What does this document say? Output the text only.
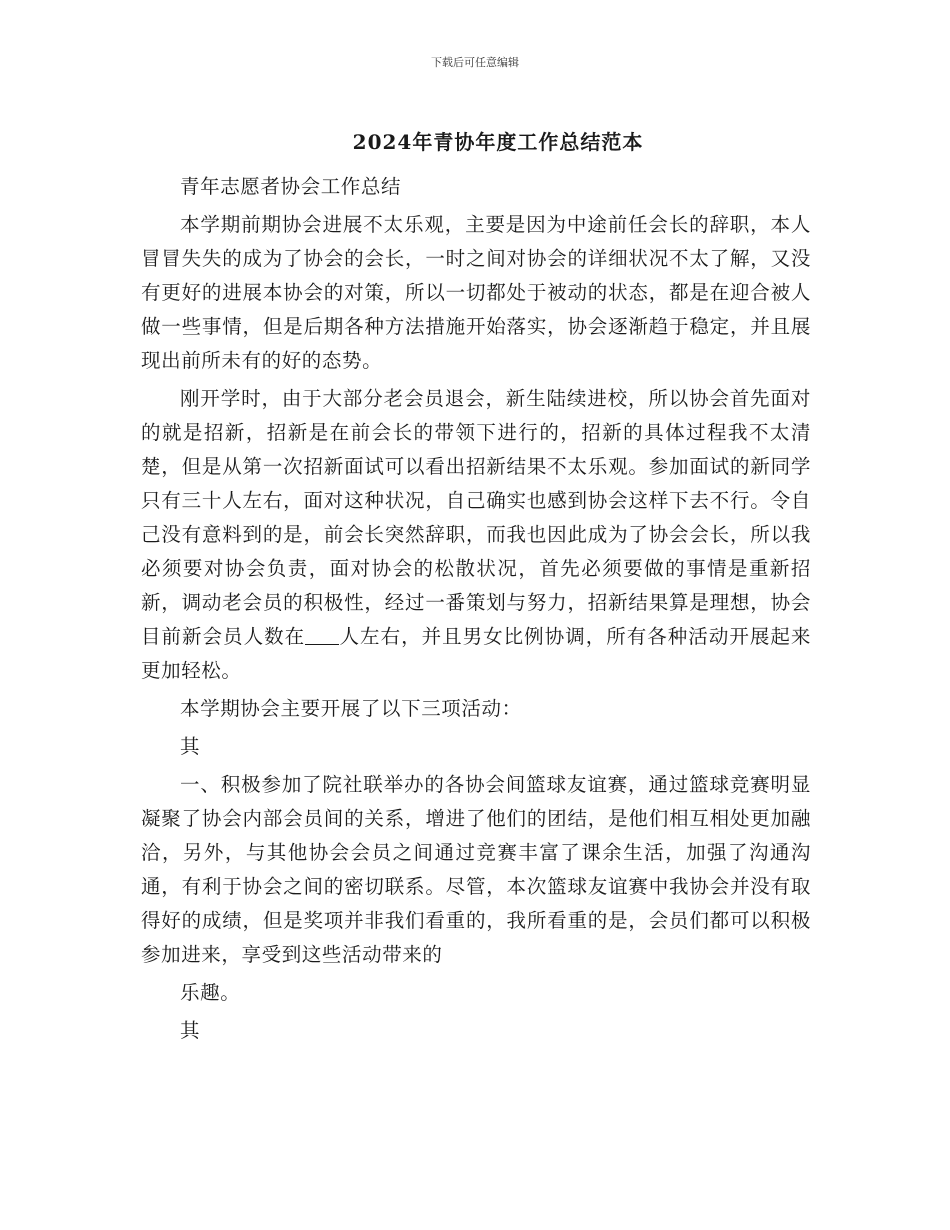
下载后可任意编辑
2024年青协年度工作总结范本

青年志愿者协会工作总结

本学期前期协会进展不太乐观，主要是因为中途前任会长的辞职，本人冒冒失失的成为了协会的会长，一时之间对协会的详细状况不太了解，又没有更好的进展本协会的对策，所以一切都处于被动的状态，都是在迎合被人做一些事情，但是后期各种方法措施开始落实，协会逐渐趋于稳定，并且展现出前所未有的好的态势。

刚开学时，由于大部分老会员退会，新生陆续进校，所以协会首先面对的就是招新，招新是在前会长的带领下进行的，招新的具体过程我不太清楚，但是从第一次招新面试可以看出招新结果不太乐观。参加面试的新同学只有三十人左右，面对这种状况，自己确实也感到协会这样下去不行。令自己没有意料到的是，前会长突然辞职，而我也因此成为了协会会长，所以我必须要对协会负责，面对协会的松散状况，首先必须要做的事情是重新招新，调动老会员的积极性，经过一番策划与努力，招新结果算是理想，协会目前新会员人数在 人左右，并且男女比例协调，所有各种活动开展起来更加轻松。

本学期协会主要开展了以下三项活动：

其

一、积极参加了院社联举办的各协会间篮球友谊赛，通过篮球竞赛明显凝聚了协会内部会员间的关系，增进了他们的团结，是他们相互相处更加融洽，另外，与其他协会会员之间通过竞赛丰富了课余生活，加强了沟通沟通，有利于协会之间的密切联系。尽管，本次篮球友谊赛中我协会并没有取得好的成绩，但是奖项并非我们看重的，我所看重的是，会员们都可以积极参加进来，享受到这些活动带来的

乐趣。

其
